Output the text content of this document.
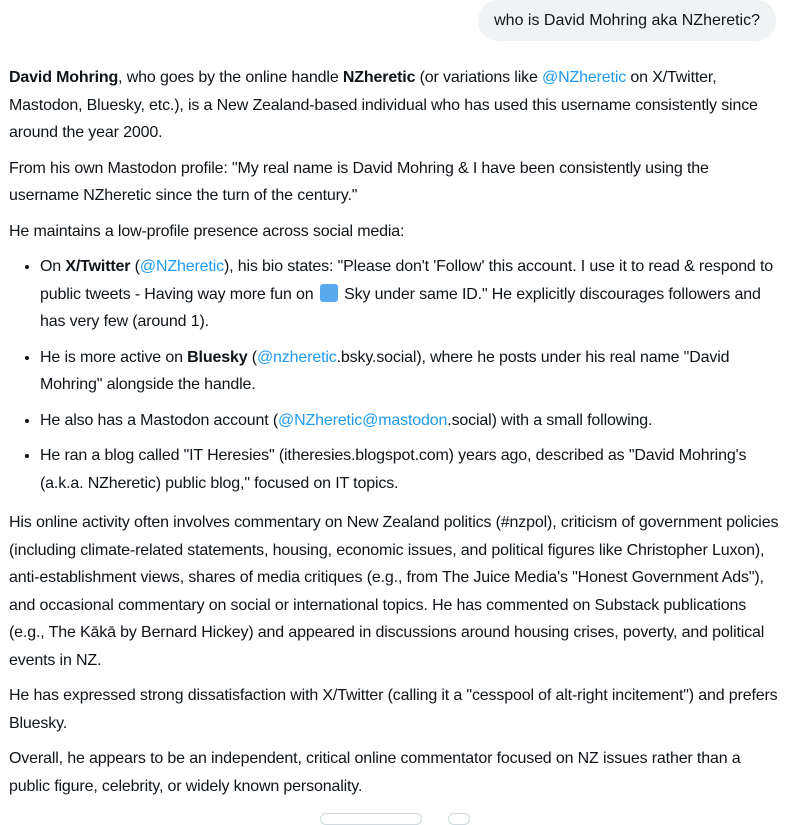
who is David Mohring aka NZheretic?

David Mohring, who goes by the online handle NZheretic (or variations like @NZheretic on X/Twitter, Mastodon, Bluesky, etc.), is a New Zealand-based individual who has used this username consistently since around the year 2000.

From his own Mastodon profile: "My real name is David Mohring & I have been consistently using the username NZheretic since the turn of the century."

He maintains a low-profile presence across social media:

• On X/Twitter (@NZheretic), his bio states: "Please don't 'Follow' this account. I use it to read & respond to public tweets - Having way more fun on  Sky under same ID." He explicitly discourages followers and has very few (around 1).
• He is more active on Bluesky (@nzheretic.bsky.social), where he posts under his real name "David Mohring" alongside the handle.
• He also has a Mastodon account (@NZheretic@mastodon.social) with a small following.
• He ran a blog called "IT Heresies" (itheresies.blogspot.com) years ago, described as "David Mohring's (a.k.a. NZheretic) public blog," focused on IT topics.

His online activity often involves commentary on New Zealand politics (#nzpol), criticism of government policies (including climate-related statements, housing, economic issues, and political figures like Christopher Luxon), anti-establishment views, shares of media critiques (e.g., from The Juice Media's "Honest Government Ads"), and occasional commentary on social or international topics. He has commented on Substack publications (e.g., The Kākā by Bernard Hickey) and appeared in discussions around housing crises, poverty, and political events in NZ.

He has expressed strong dissatisfaction with X/Twitter (calling it a "cesspool of alt-right incitement") and prefers Bluesky.

Overall, he appears to be an independent, critical online commentator focused on NZ issues rather than a public figure, celebrity, or widely known personality.
